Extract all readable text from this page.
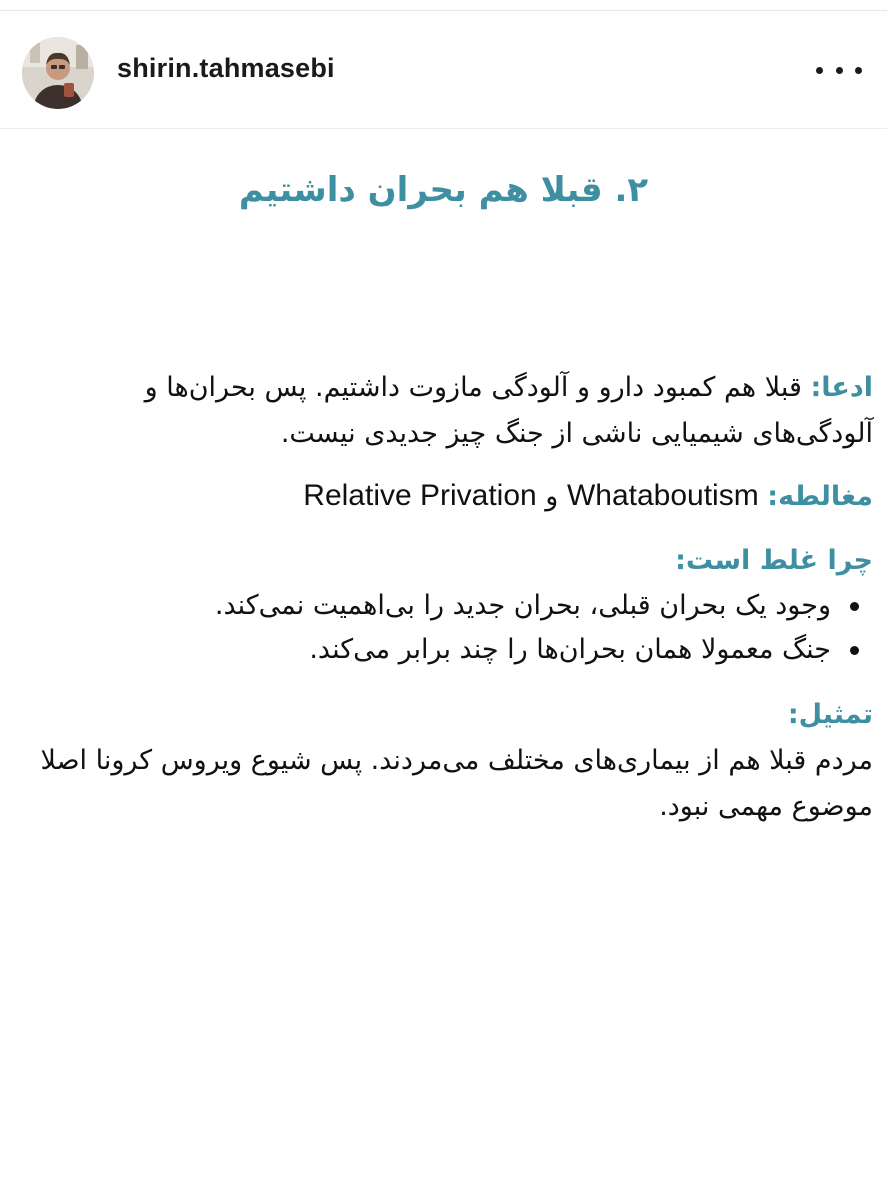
shirin.tahmasebi
۲. قبلا هم بحران داشتیم

ادعا: قبلا هم کمبود دارو و آلودگی مازوت داشتیم. پس بحران‌ها و آلودگی‌های شیمیایی ناشی از جنگ چیز جدیدی نیست.

مغالطه: Whataboutism و Relative Privation

چرا غلط است:

وجود یک بحران قبلی، بحران جدید را بی‌اهمیت نمی‌کند.
جنگ معمولا همان بحران‌ها را چند برابر می‌کند.

تمثیل:

مردم قبلا هم از بیماری‌های مختلف می‌مردند. پس شیوع ویروس کرونا اصلا موضوع مهمی نبود.
